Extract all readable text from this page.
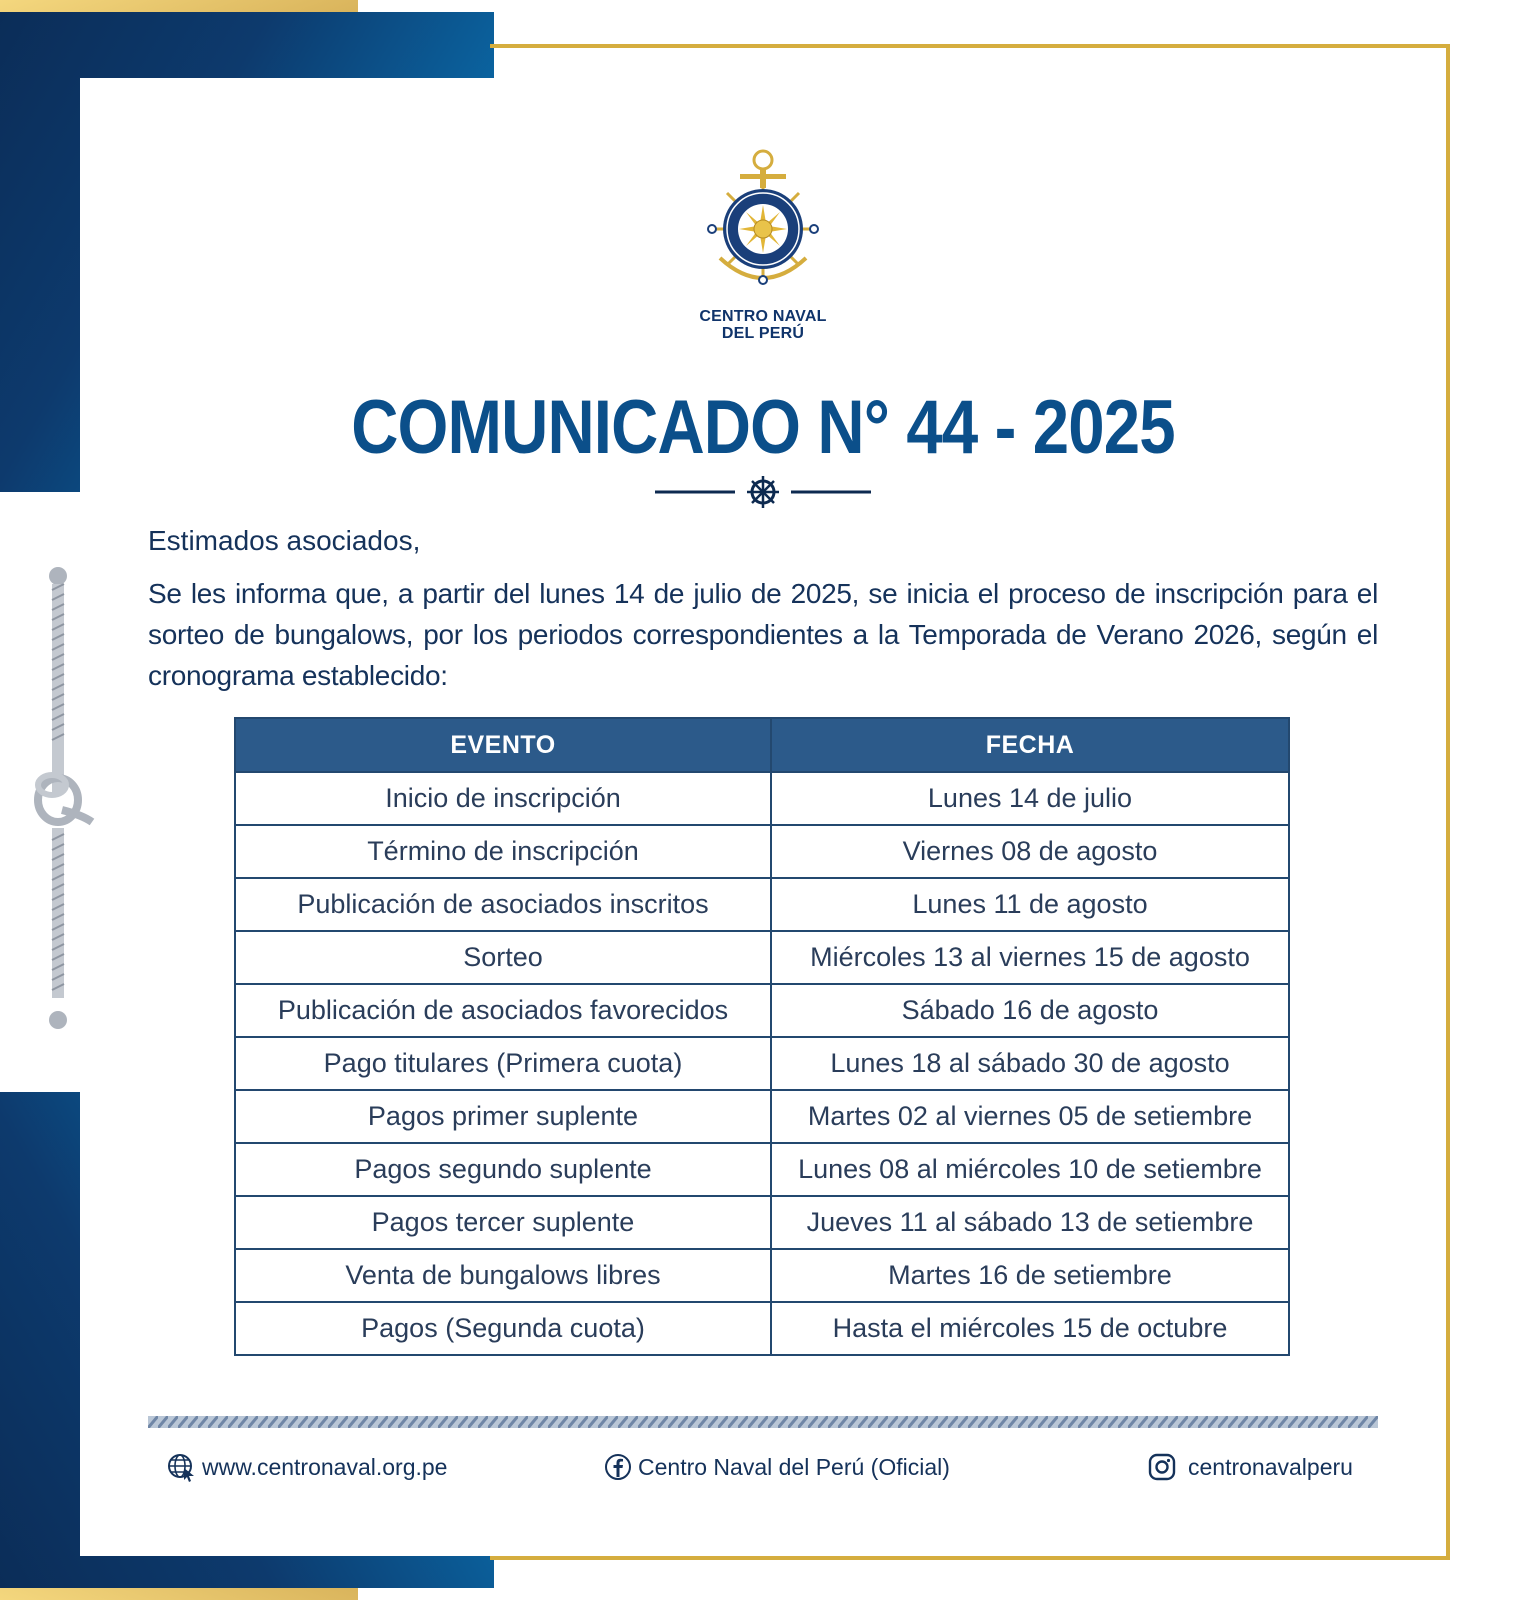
CENTRO NAVAL
DEL PERÚ
COMUNICADO N° 44 - 2025
Estimados asociados,
Se les informa que, a partir del lunes 14 de julio de 2025, se inicia el proceso de inscripción para el sorteo de bungalows, por los periodos correspondientes a la Temporada de Verano 2026, según el cronograma establecido:
EVENTO	FECHA
Inicio de inscripción	Lunes 14 de julio
Término de inscripción	Viernes 08 de agosto
Publicación de asociados inscritos	Lunes 11 de agosto
Sorteo	Miércoles 13 al viernes 15 de agosto
Publicación de asociados favorecidos	Sábado 16 de agosto
Pago titulares (Primera cuota)	Lunes 18 al sábado 30 de agosto
Pagos primer suplente	Martes 02 al viernes 05 de setiembre
Pagos segundo suplente	Lunes 08 al miércoles 10 de setiembre
Pagos tercer suplente	Jueves 11 al sábado 13 de setiembre
Venta de bungalows libres	Martes 16 de setiembre
Pagos (Segunda cuota)	Hasta el miércoles 15 de octubre
www.centronaval.org.pe	Centro Naval del Perú (Oficial)	centronavalperu
